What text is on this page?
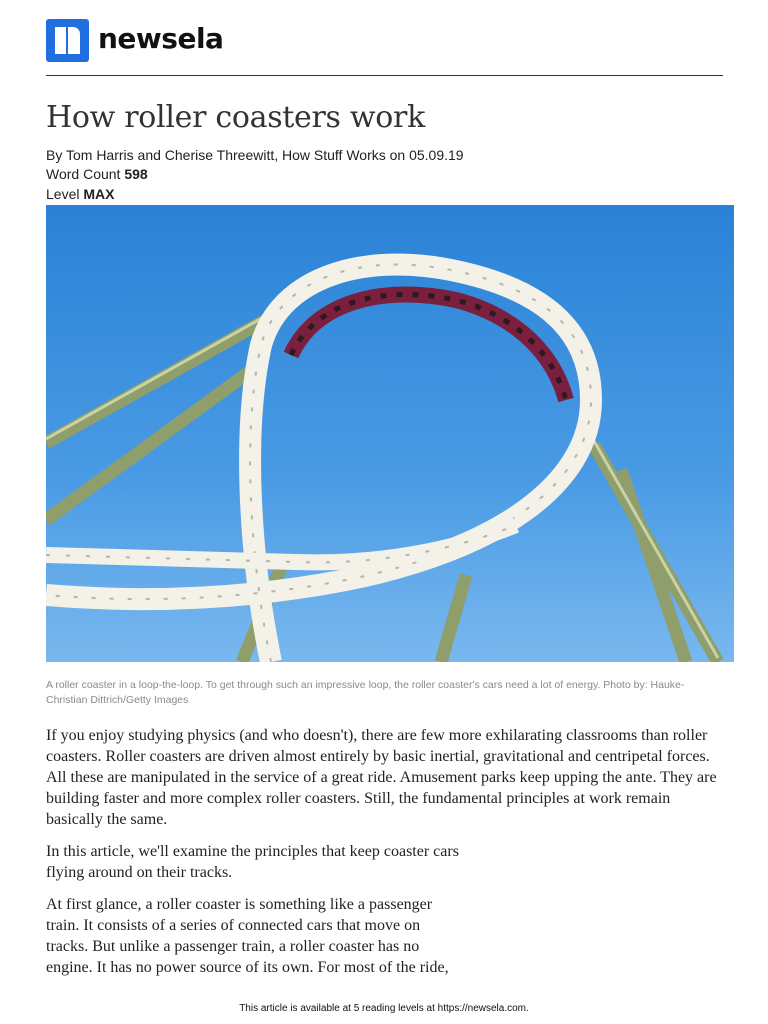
newsela
How roller coasters work
By Tom Harris and Cherise Threewitt, How Stuff Works on 05.09.19
Word Count 598
Level MAX
A roller coaster in a loop-the-loop. To get through such an impressive loop, the roller coaster's cars need a lot of energy. Photo by: Hauke-Christian Dittrich/Getty Images

If you enjoy studying physics (and who doesn't), there are few more exhilarating classrooms than roller coasters. Roller coasters are driven almost entirely by basic inertial, gravitational and centripetal forces. All these are manipulated in the service of a great ride. Amusement parks keep upping the ante. They are building faster and more complex roller coasters. Still, the fundamental principles at work remain basically the same.

In this article, we'll examine the principles that keep coaster cars flying around on their tracks.

At first glance, a roller coaster is something like a passenger train. It consists of a series of connected cars that move on tracks. But unlike a passenger train, a roller coaster has no engine. It has no power source of its own. For most of the ride,

This article is available at 5 reading levels at https://newsela.com.
